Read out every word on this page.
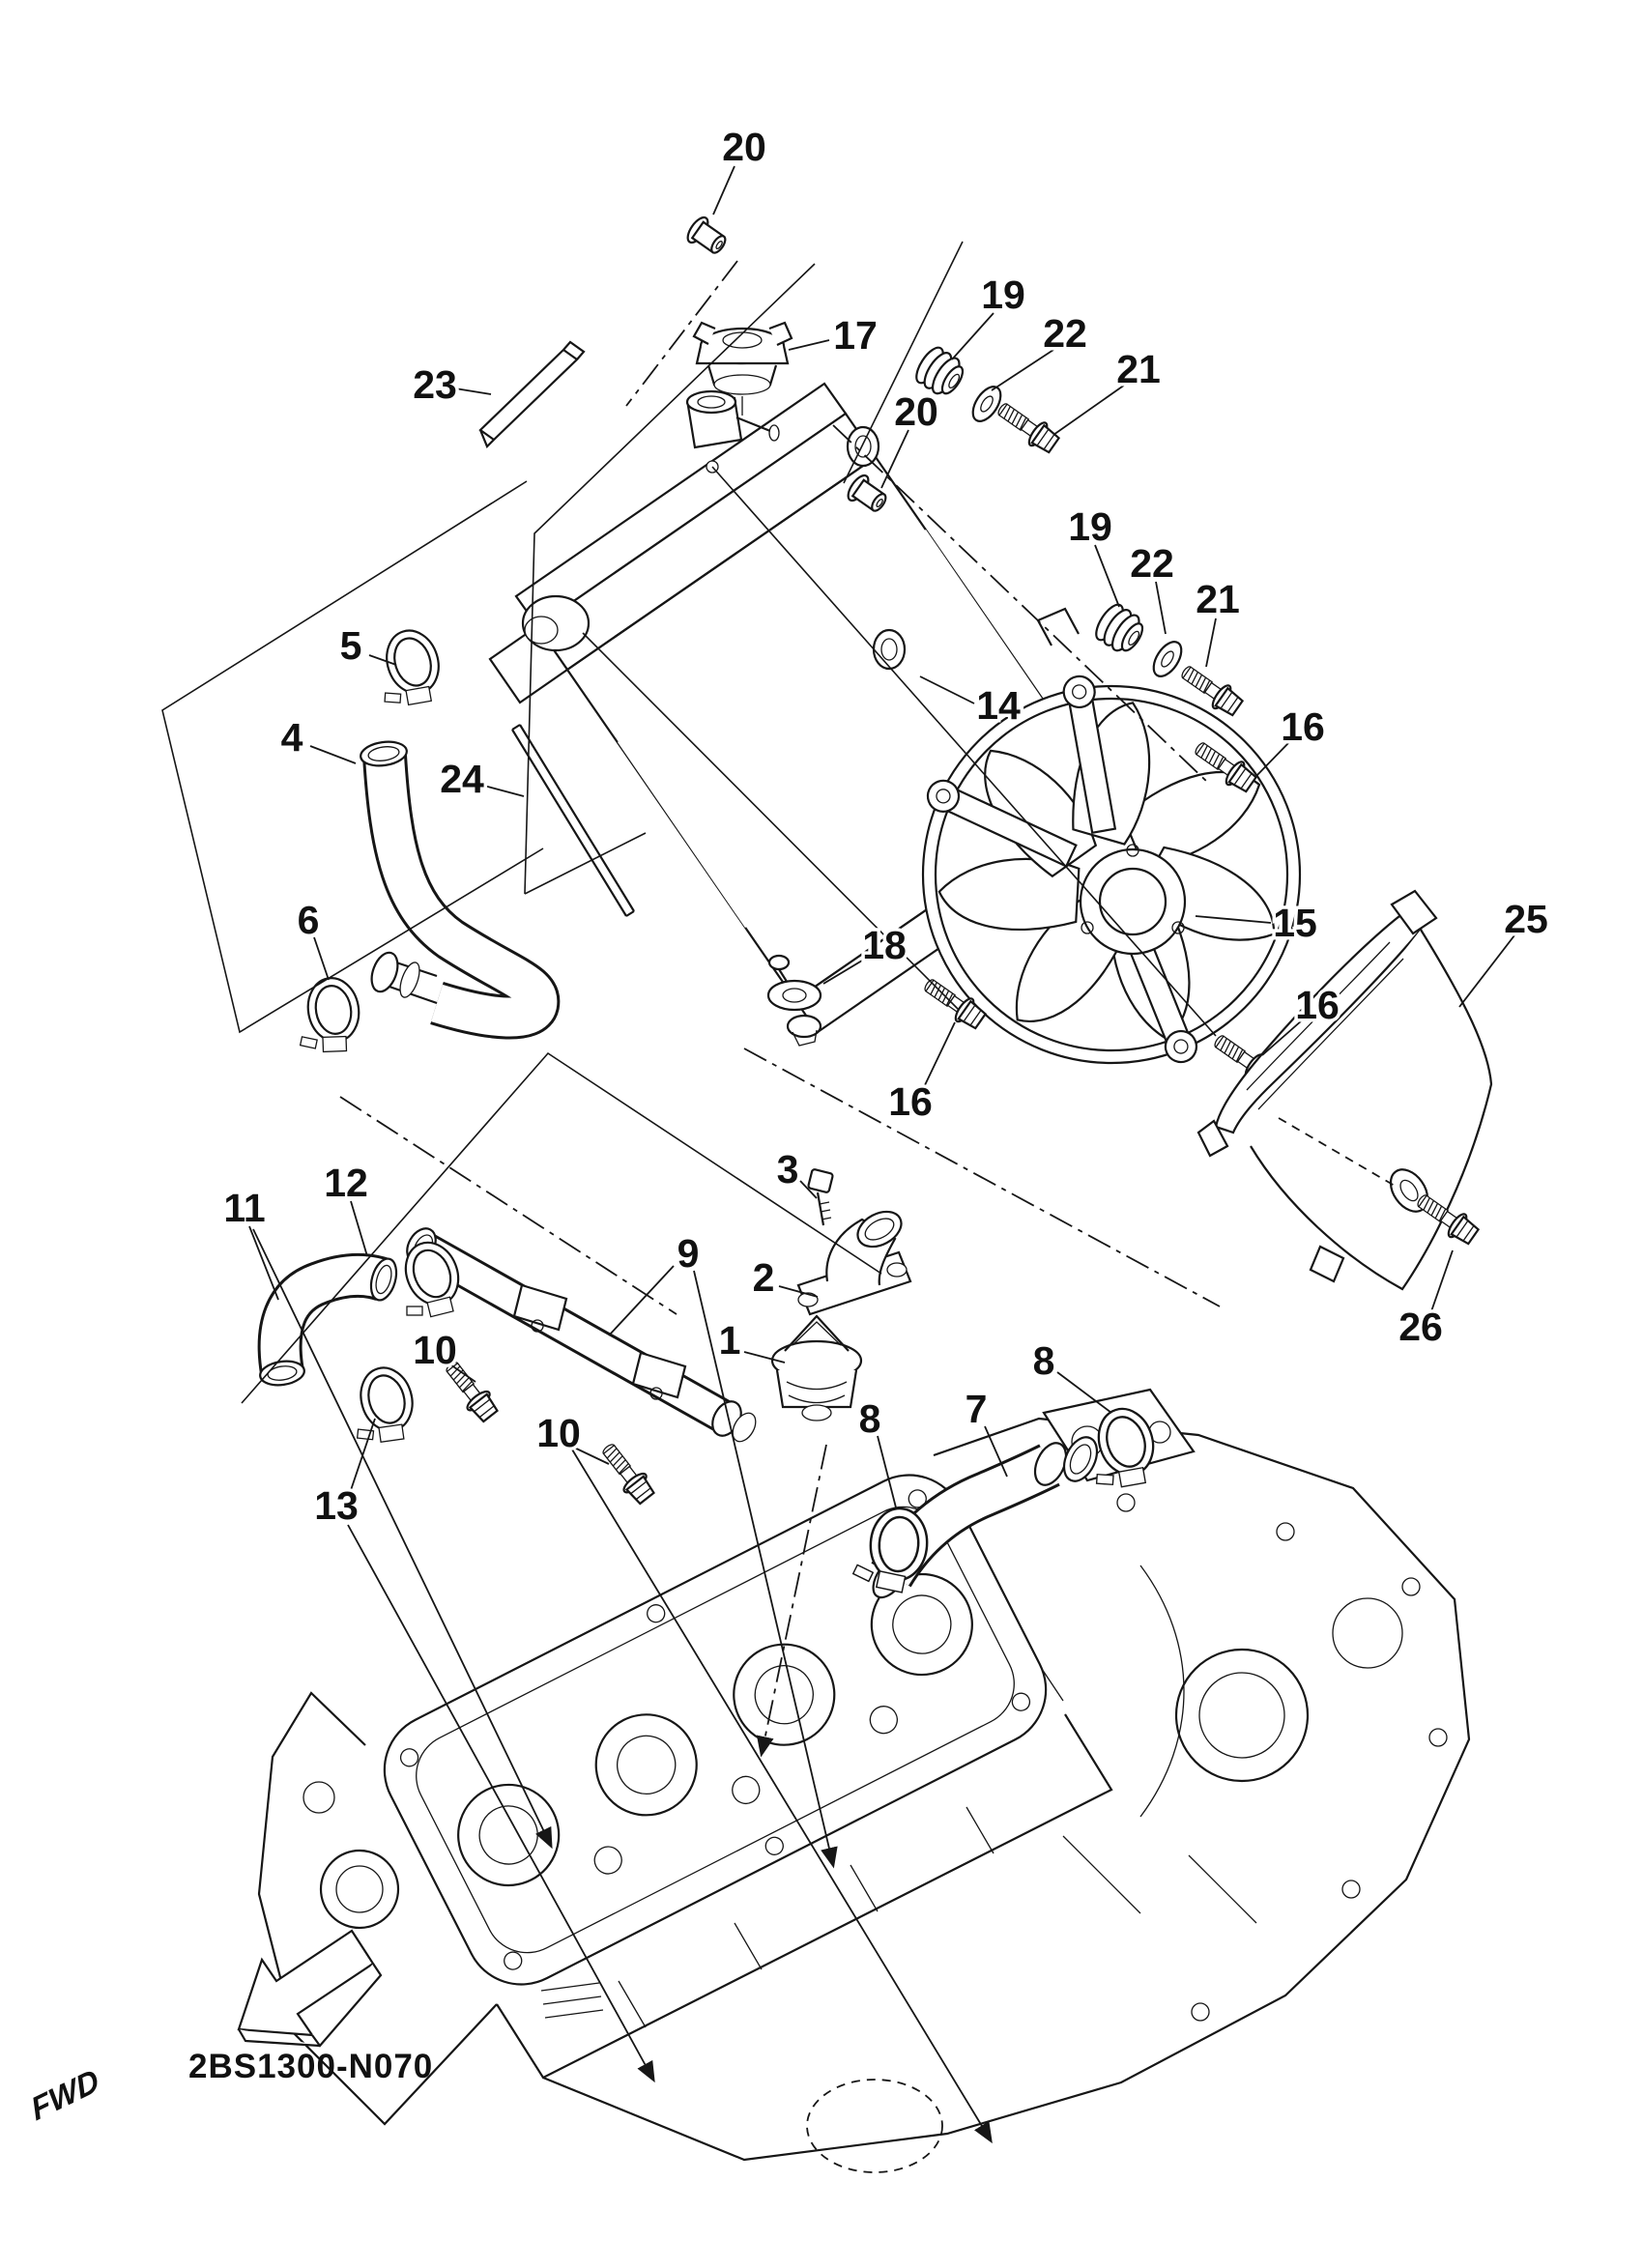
FWD	2BS1300-N070
20
23
17
19
22
21
20
19
22
21
5
4
24
14	16
15
6
18
25
16
16
12
11
3
9
2
10	1
10
13
8 7
8
26
